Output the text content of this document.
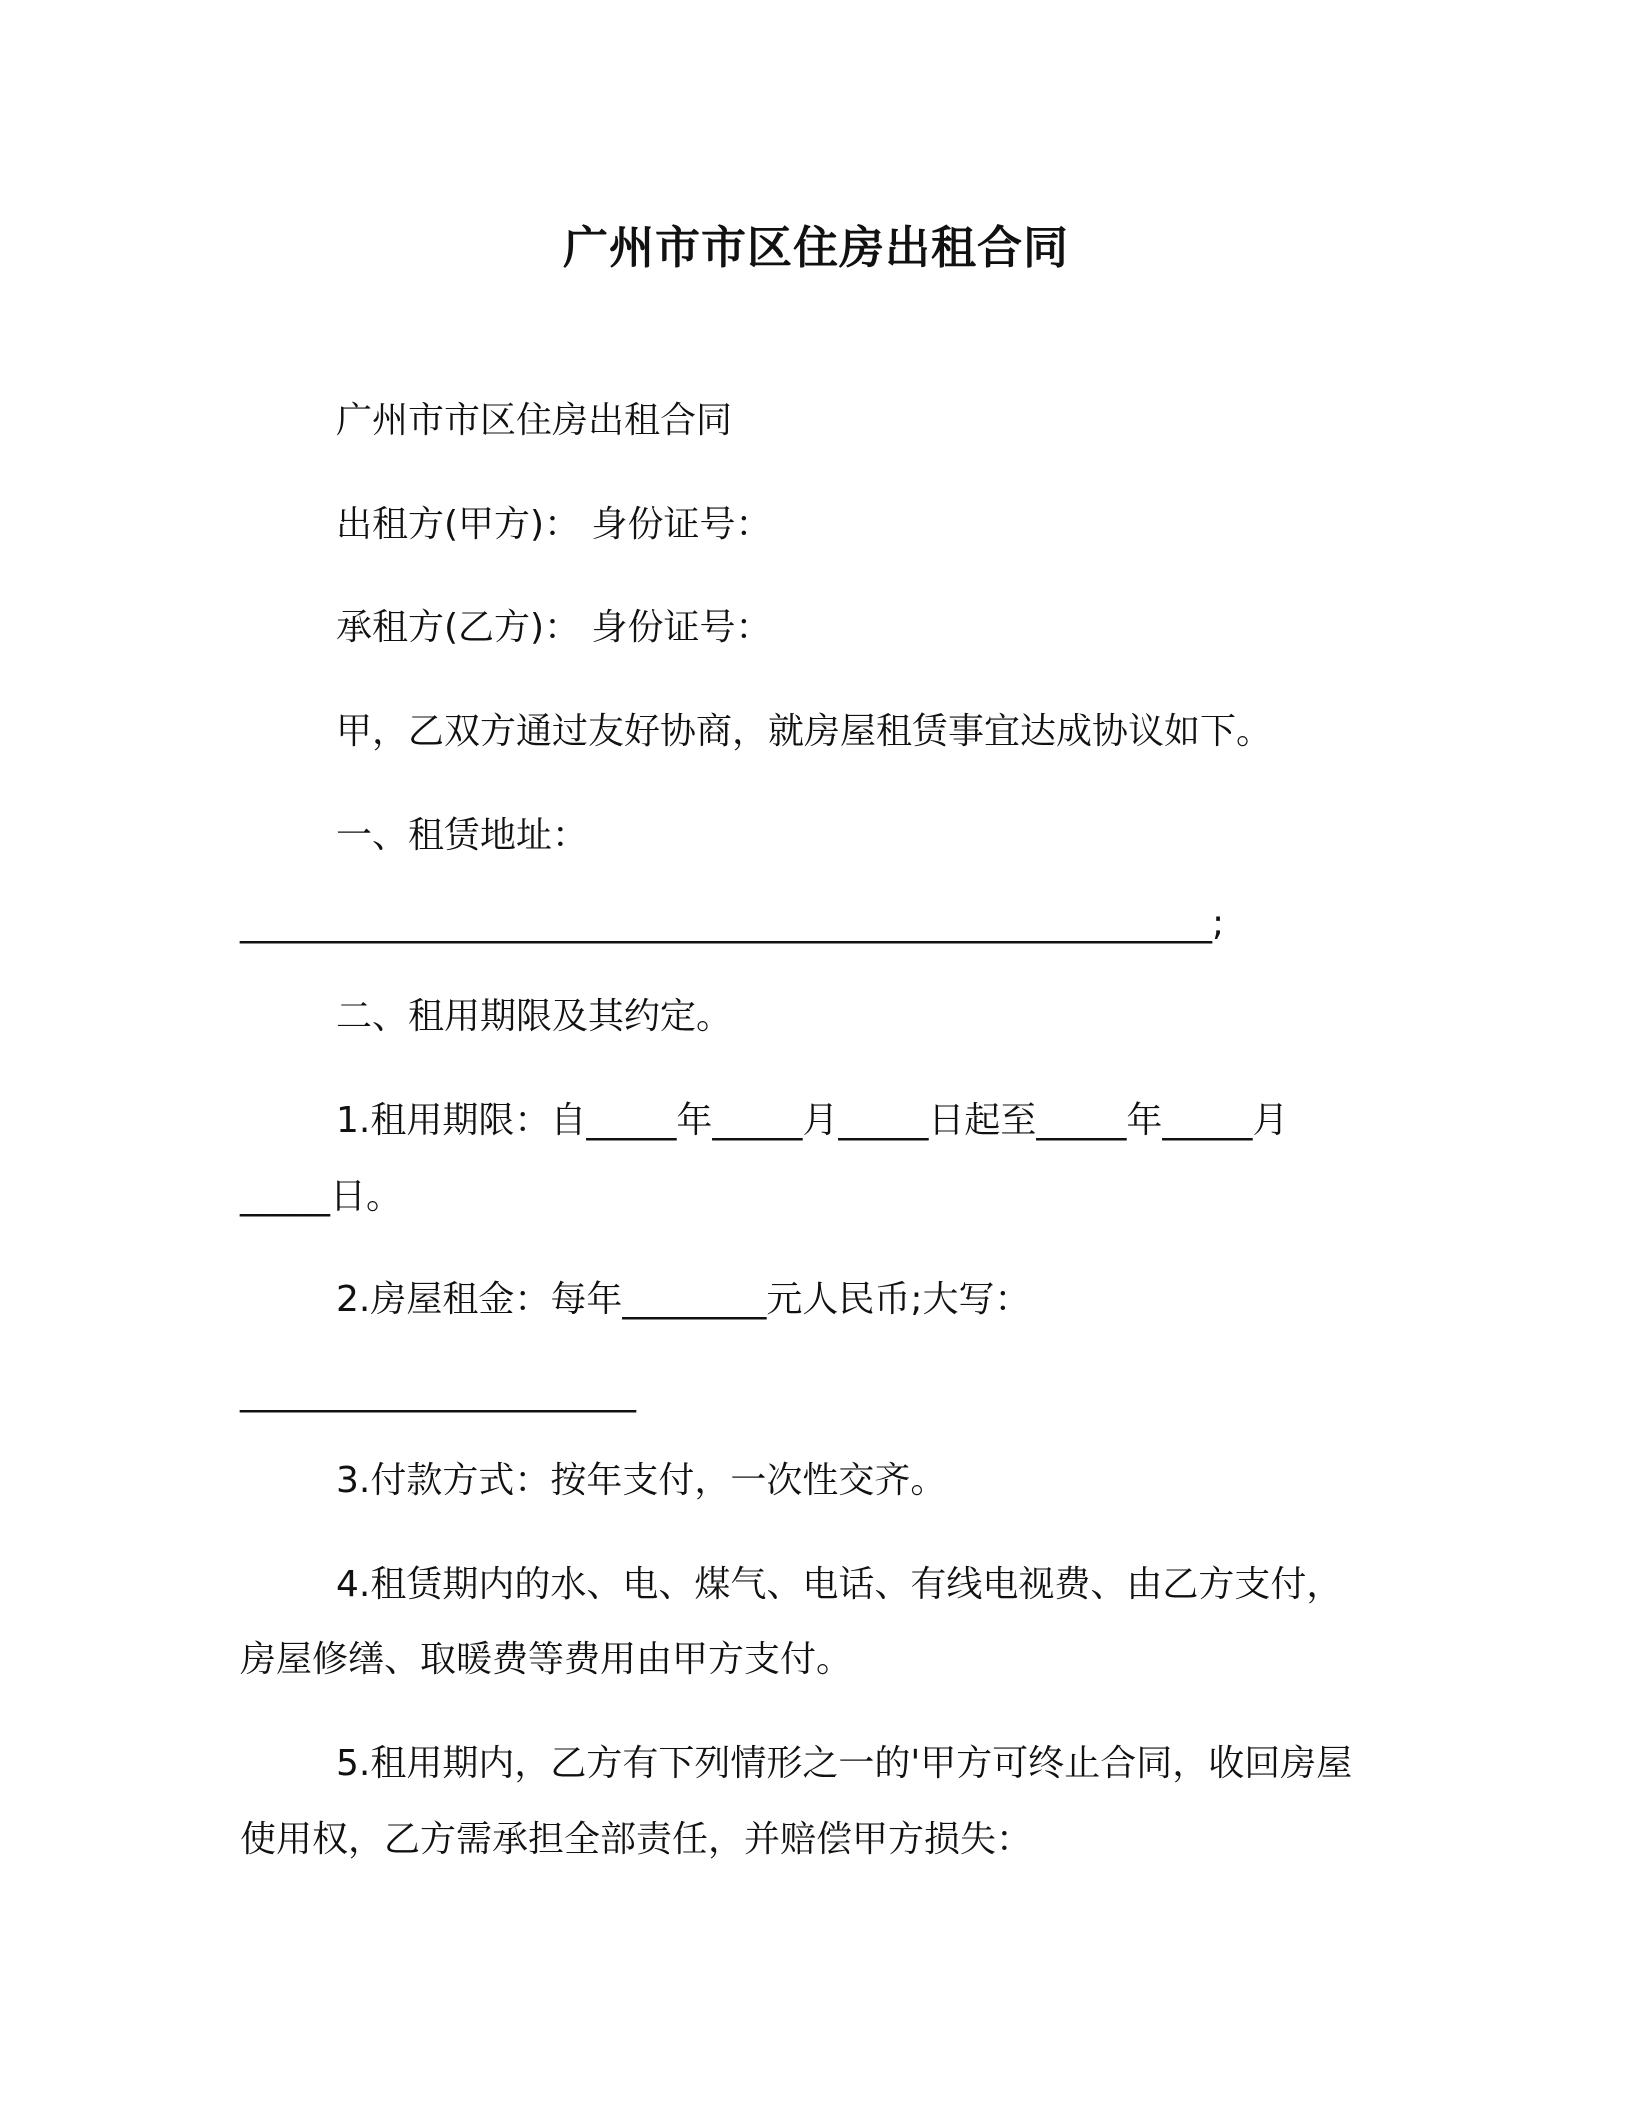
广州市市区住房出租合同
广州市市区住房出租合同
出租方(甲方)： 身份证号：
承租方(乙方)： 身份证号：
甲，乙双方通过友好协商，就房屋租赁事宜达成协议如下。
一、租赁地址：
______________________________________________________;
二、租用期限及其约定。
1.租用期限：自_____年_____月_____日起至_____年_____月
_____日。
2.房屋租金：每年________元人民币;大写：
______________________
3.付款方式：按年支付，一次性交齐。
4.租赁期内的水、电、煤气、电话、有线电视费、由乙方支付，
房屋修缮、取暖费等费用由甲方支付。
5.租用期内，乙方有下列情形之一的'甲方可终止合同，收回房屋
使用权，乙方需承担全部责任，并赔偿甲方损失：
